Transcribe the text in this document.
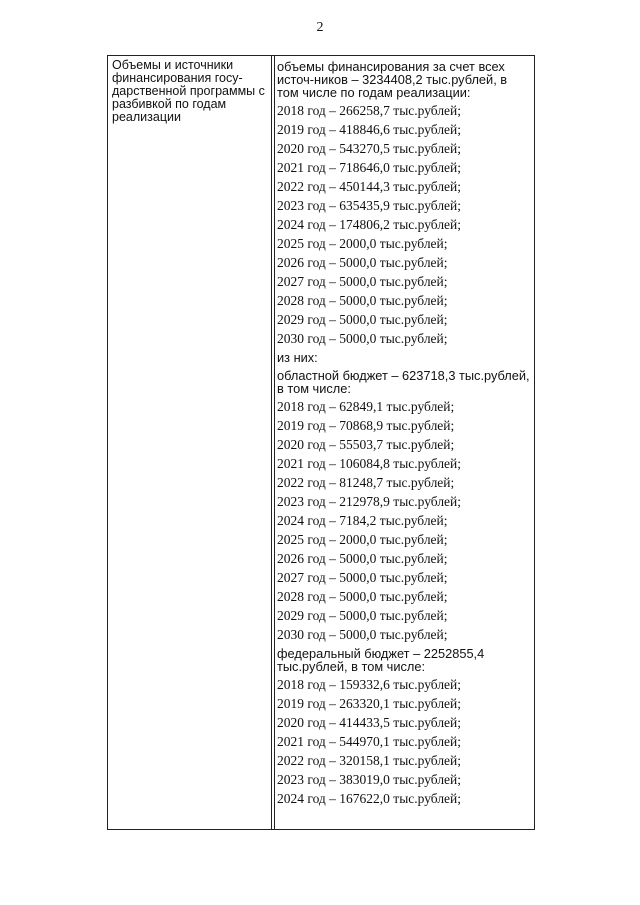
2
Объемы и источники финансирования госу-дарственной программы с разбивкой по годам реализации
объемы финансирования за счет всех источ-ников – 3234408,2 тыс.рублей, в том числе по годам реализации:
2018 год – 266258,7 тыс.рублей;
2019 год – 418846,6 тыс.рублей;
2020 год – 543270,5 тыс.рублей;
2021 год – 718646,0 тыс.рублей;
2022 год – 450144,3 тыс.рублей;
2023 год – 635435,9 тыс.рублей;
2024 год – 174806,2 тыс.рублей;
2025 год – 2000,0 тыс.рублей;
2026 год – 5000,0 тыс.рублей;
2027 год – 5000,0 тыс.рублей;
2028 год – 5000,0 тыс.рублей;
2029 год – 5000,0 тыс.рублей;
2030 год – 5000,0 тыс.рублей;
из них:
областной бюджет – 623718,3 тыс.рублей, в том числе:
2018 год – 62849,1 тыс.рублей;
2019 год – 70868,9 тыс.рублей;
2020 год – 55503,7 тыс.рублей;
2021 год – 106084,8 тыс.рублей;
2022 год – 81248,7 тыс.рублей;
2023 год – 212978,9 тыс.рублей;
2024 год – 7184,2 тыс.рублей;
2025 год – 2000,0 тыс.рублей;
2026 год – 5000,0 тыс.рублей;
2027 год – 5000,0 тыс.рублей;
2028 год – 5000,0 тыс.рублей;
2029 год – 5000,0 тыс.рублей;
2030 год – 5000,0 тыс.рублей;
федеральный бюджет – 2252855,4 тыс.рублей, в том числе:
2018 год – 159332,6 тыс.рублей;
2019 год – 263320,1 тыс.рублей;
2020 год – 414433,5 тыс.рублей;
2021 год – 544970,1 тыс.рублей;
2022 год – 320158,1 тыс.рублей;
2023 год – 383019,0 тыс.рублей;
2024 год – 167622,0 тыс.рублей;
